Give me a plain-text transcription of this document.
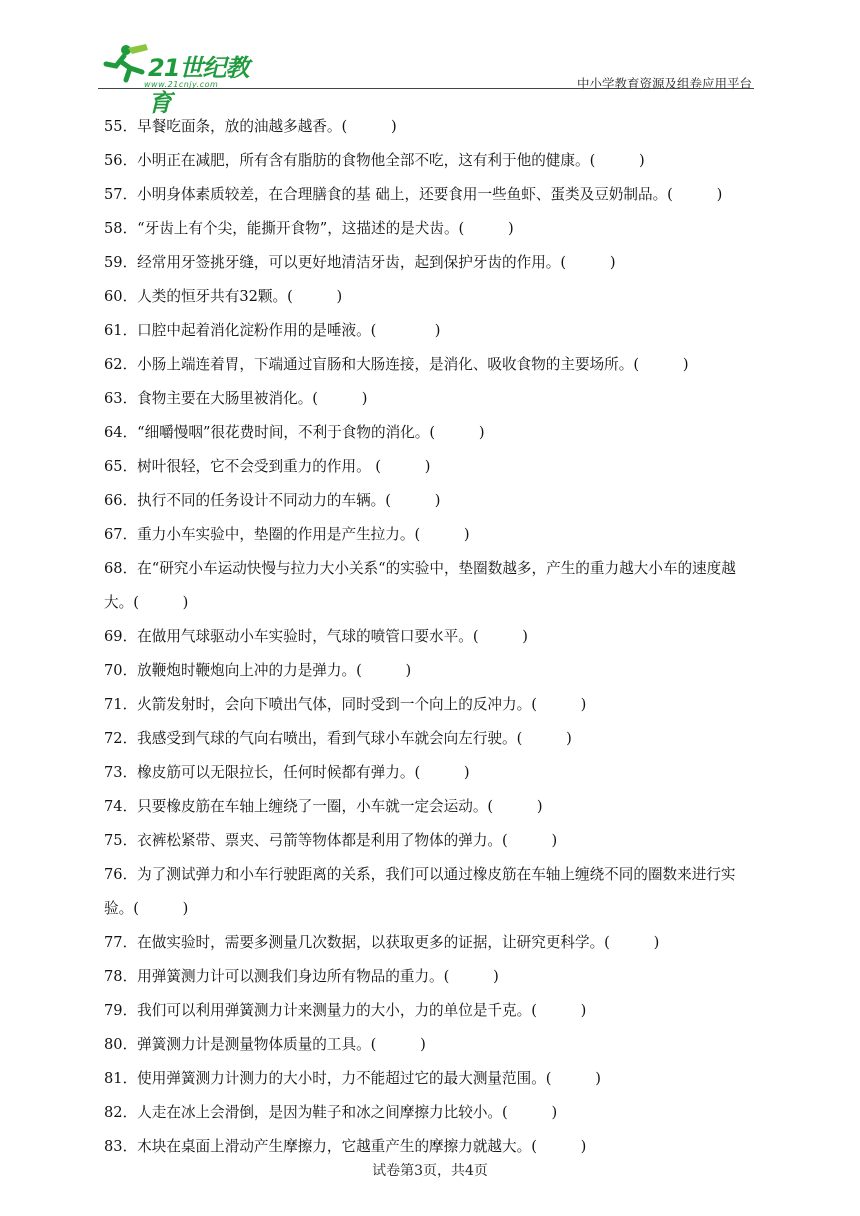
21世纪教育
www.21cnjy.com	中小学教育资源及组卷应用平台
55．早餐吃面条，放的油越多越香。(　　　)
56．小明正在减肥，所有含有脂肪的食物他全部不吃，这有利于他的健康。(　　　)
57．小明身体素质较差，在合理膳食的基 础上，还要食用一些鱼虾、蛋类及豆奶制品。(　　　)
58．“牙齿上有个尖，能撕开食物”，这描述的是犬齿。(　　　)
59．经常用牙签挑牙缝，可以更好地清洁牙齿，起到保护牙齿的作用。(　　　)
60．人类的恒牙共有32颗。(　　　)
61．口腔中起着消化淀粉作用的是唾液。(　　　　)
62．小肠上端连着胃，下端通过盲肠和大肠连接，是消化、吸收食物的主要场所。(　　　)
63．食物主要在大肠里被消化。(　　　)
64．“细嚼慢咽”很花费时间，不利于食物的消化。(　　　)
65．树叶很轻，它不会受到重力的作用。 (　　　)
66．执行不同的任务设计不同动力的车辆。(　　　)
67．重力小车实验中，垫圈的作用是产生拉力。(　　　)
68．在“研究小车运动快慢与拉力大小关系“的实验中，垫圈数越多，产生的重力越大小车的速度越大。(　　　)
69．在做用气球驱动小车实验时，气球的喷管口要水平。(　　　)
70．放鞭炮时鞭炮向上冲的力是弹力。(　　　)
71．火箭发射时，会向下喷出气体，同时受到一个向上的反冲力。(　　　)
72．我感受到气球的气向右喷出，看到气球小车就会向左行驶。(　　　)
73．橡皮筋可以无限拉长，任何时候都有弹力。(　　　)
74．只要橡皮筋在车轴上缠绕了一圈，小车就一定会运动。(　　　)
75．衣裤松紧带、票夹、弓箭等物体都是利用了物体的弹力。(　　　)
76．为了测试弹力和小车行驶距离的关系，我们可以通过橡皮筋在车轴上缠绕不同的圈数来进行实验。(　　　)
77．在做实验时，需要多测量几次数据，以获取更多的证据，让研究更科学。(　　　)
78．用弹簧测力计可以测我们身边所有物品的重力。(　　　)
79．我们可以利用弹簧测力计来测量力的大小，力的单位是千克。(　　　)
80．弹簧测力计是测量物体质量的工具。(　　　)
81．使用弹簧测力计测力的大小时，力不能超过它的最大测量范围。(　　　)
82．人走在冰上会滑倒，是因为鞋子和冰之间摩擦力比较小。(　　　)
83．木块在桌面上滑动产生摩擦力，它越重产生的摩擦力就越大。(　　　)
试卷第3页，共4页
